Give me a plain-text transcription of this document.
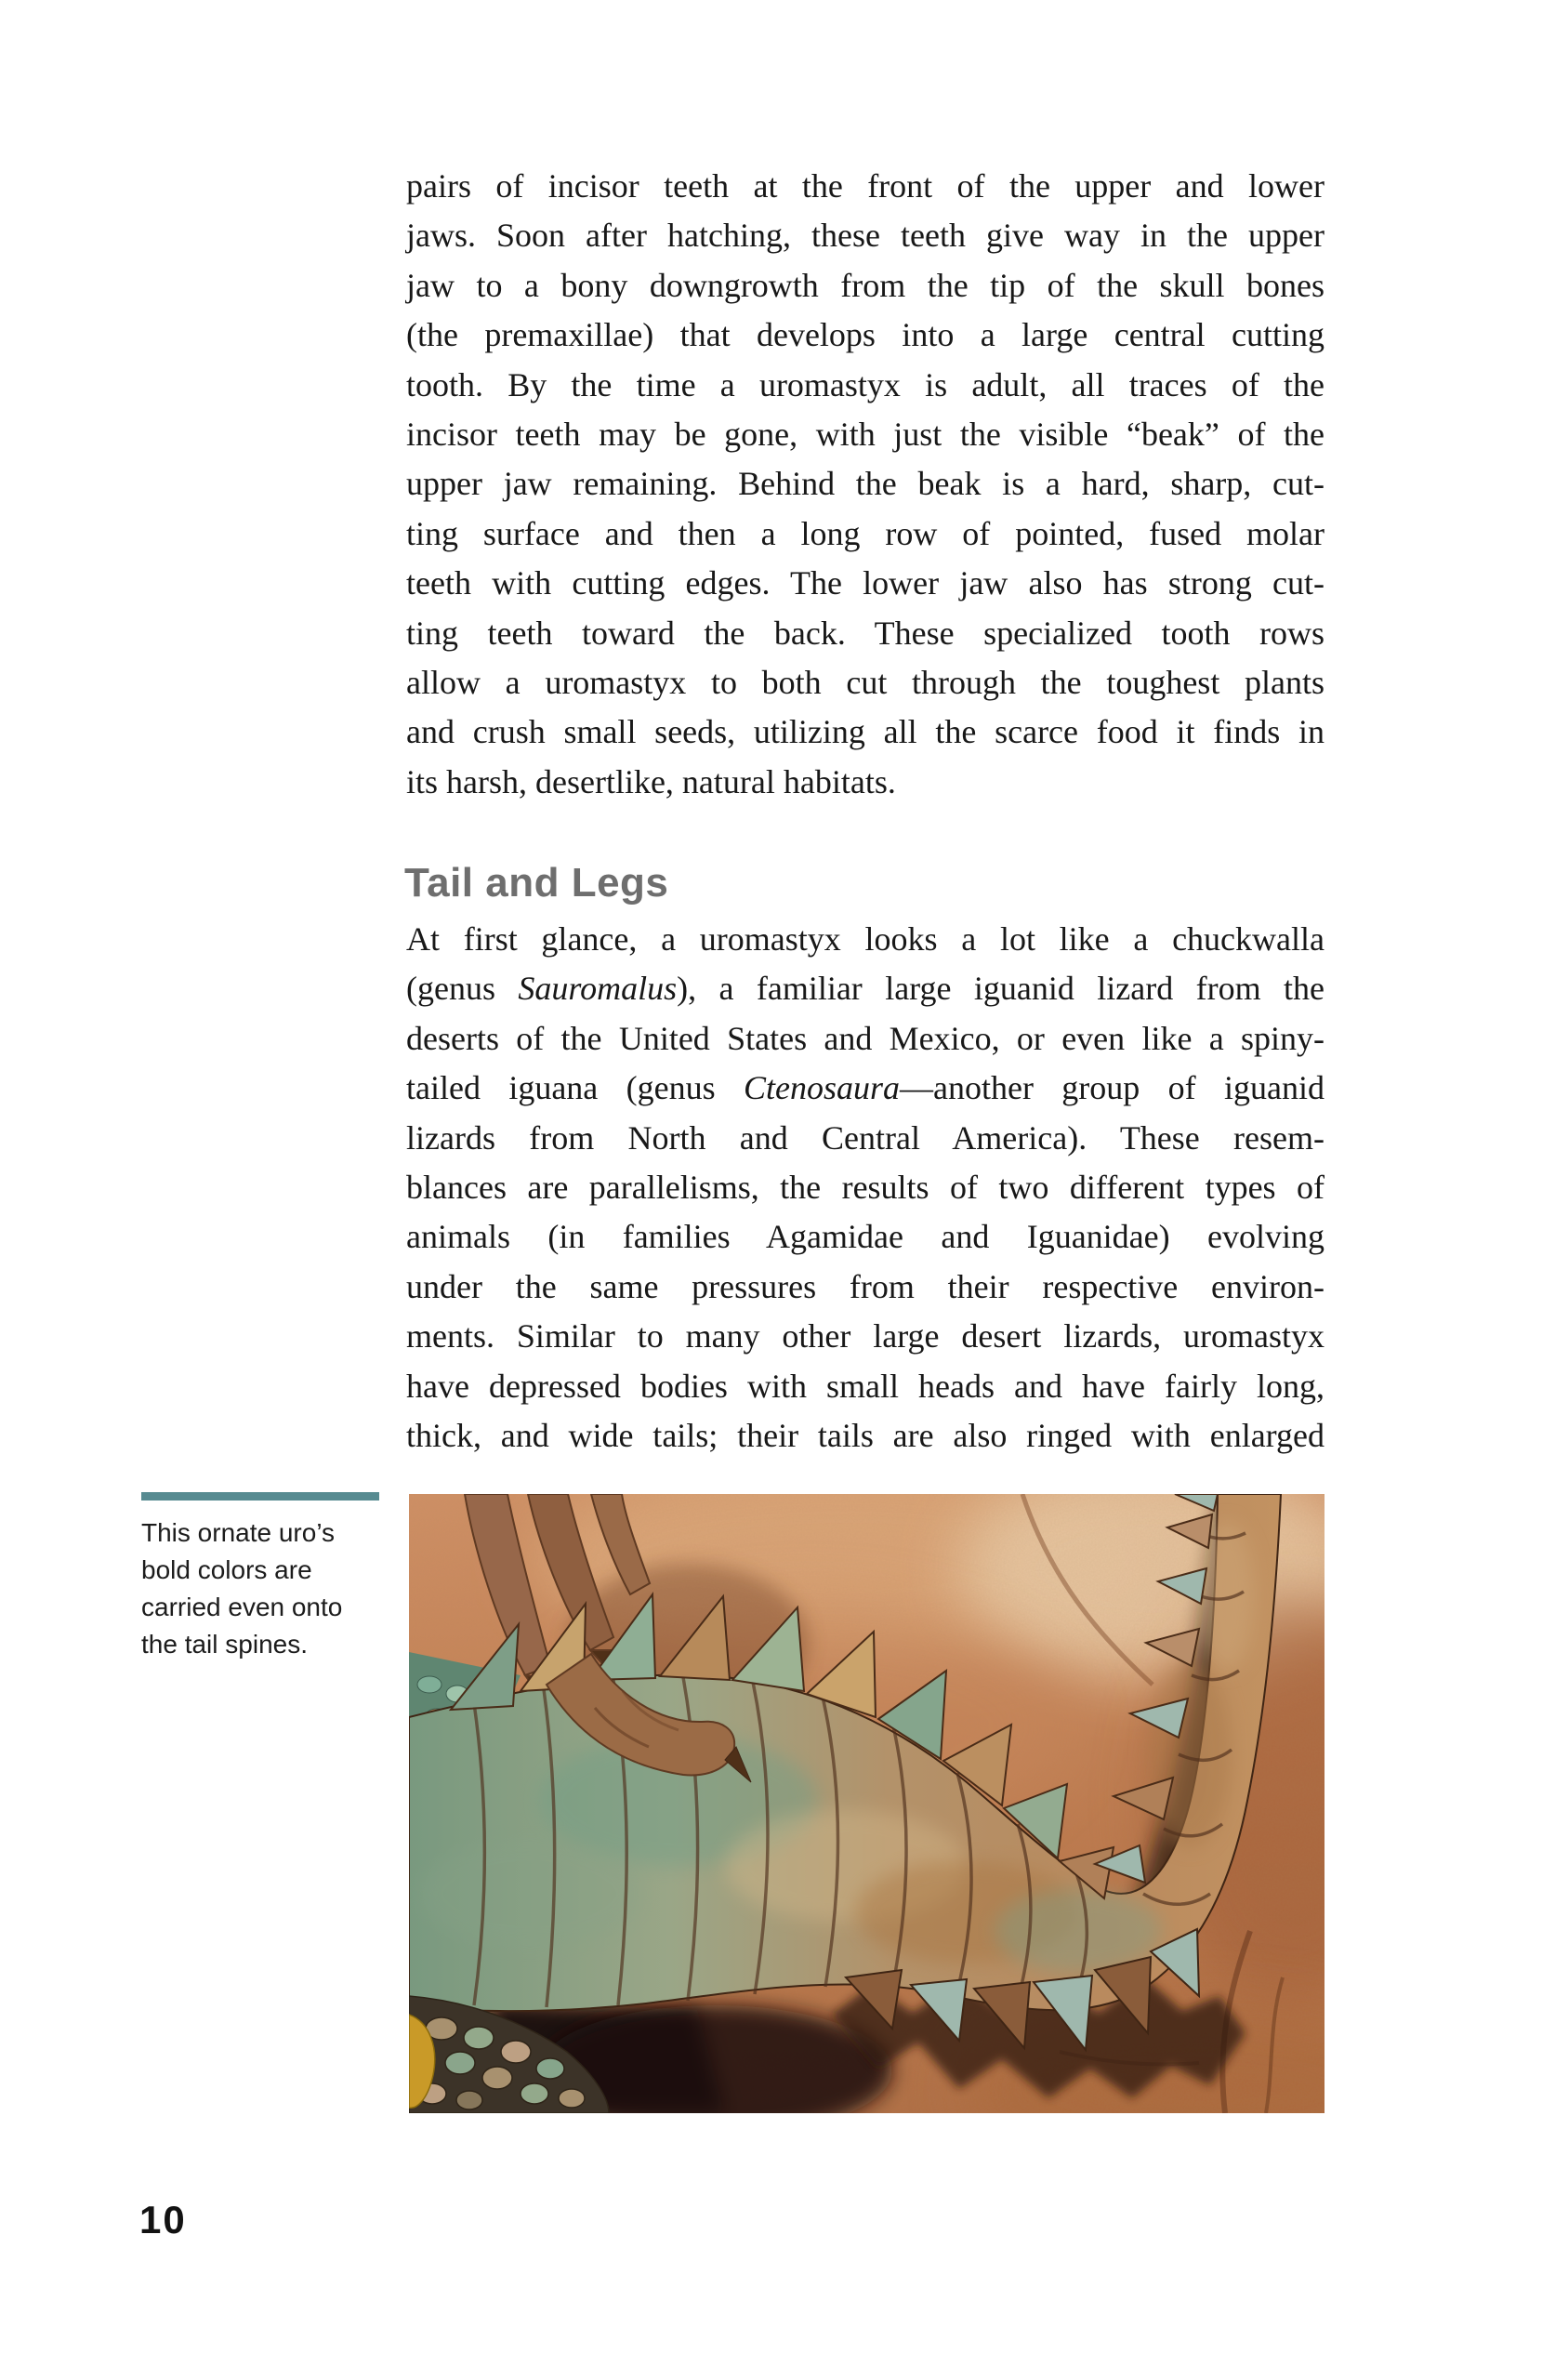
pairs of incisor teeth at the front of the upper and lower
jaws. Soon after hatching, these teeth give way in the upper
jaw to a bony downgrowth from the tip of the skull bones
(the premaxillae) that develops into a large central cutting
tooth. By the time a uromastyx is adult, all traces of the
incisor teeth may be gone, with just the visible “beak” of the
upper jaw remaining. Behind the beak is a hard, sharp, cut-
ting surface and then a long row of pointed, fused molar
teeth with cutting edges. The lower jaw also has strong cut-
ting teeth toward the back. These specialized tooth rows
allow a uromastyx to both cut through the toughest plants
and crush small seeds, utilizing all the scarce food it finds in
its harsh, desertlike, natural habitats.
Tail and Legs
At first glance, a uromastyx looks a lot like a chuckwalla
(genus Sauromalus), a familiar large iguanid lizard from the
deserts of the United States and Mexico, or even like a spiny-
tailed iguana (genus Ctenosaura—another group of iguanid
lizards from North and Central America). These resem-
blances are parallelisms, the results of two different types of
animals (in families Agamidae and Iguanidae) evolving
under the same pressures from their respective environ-
ments. Similar to many other large desert lizards, uromastyx
have depressed bodies with small heads and have fairly long,
thick, and wide tails; their tails are also ringed with enlarged
This ornate uro’s
bold colors are
carried even onto
the tail spines.
10
